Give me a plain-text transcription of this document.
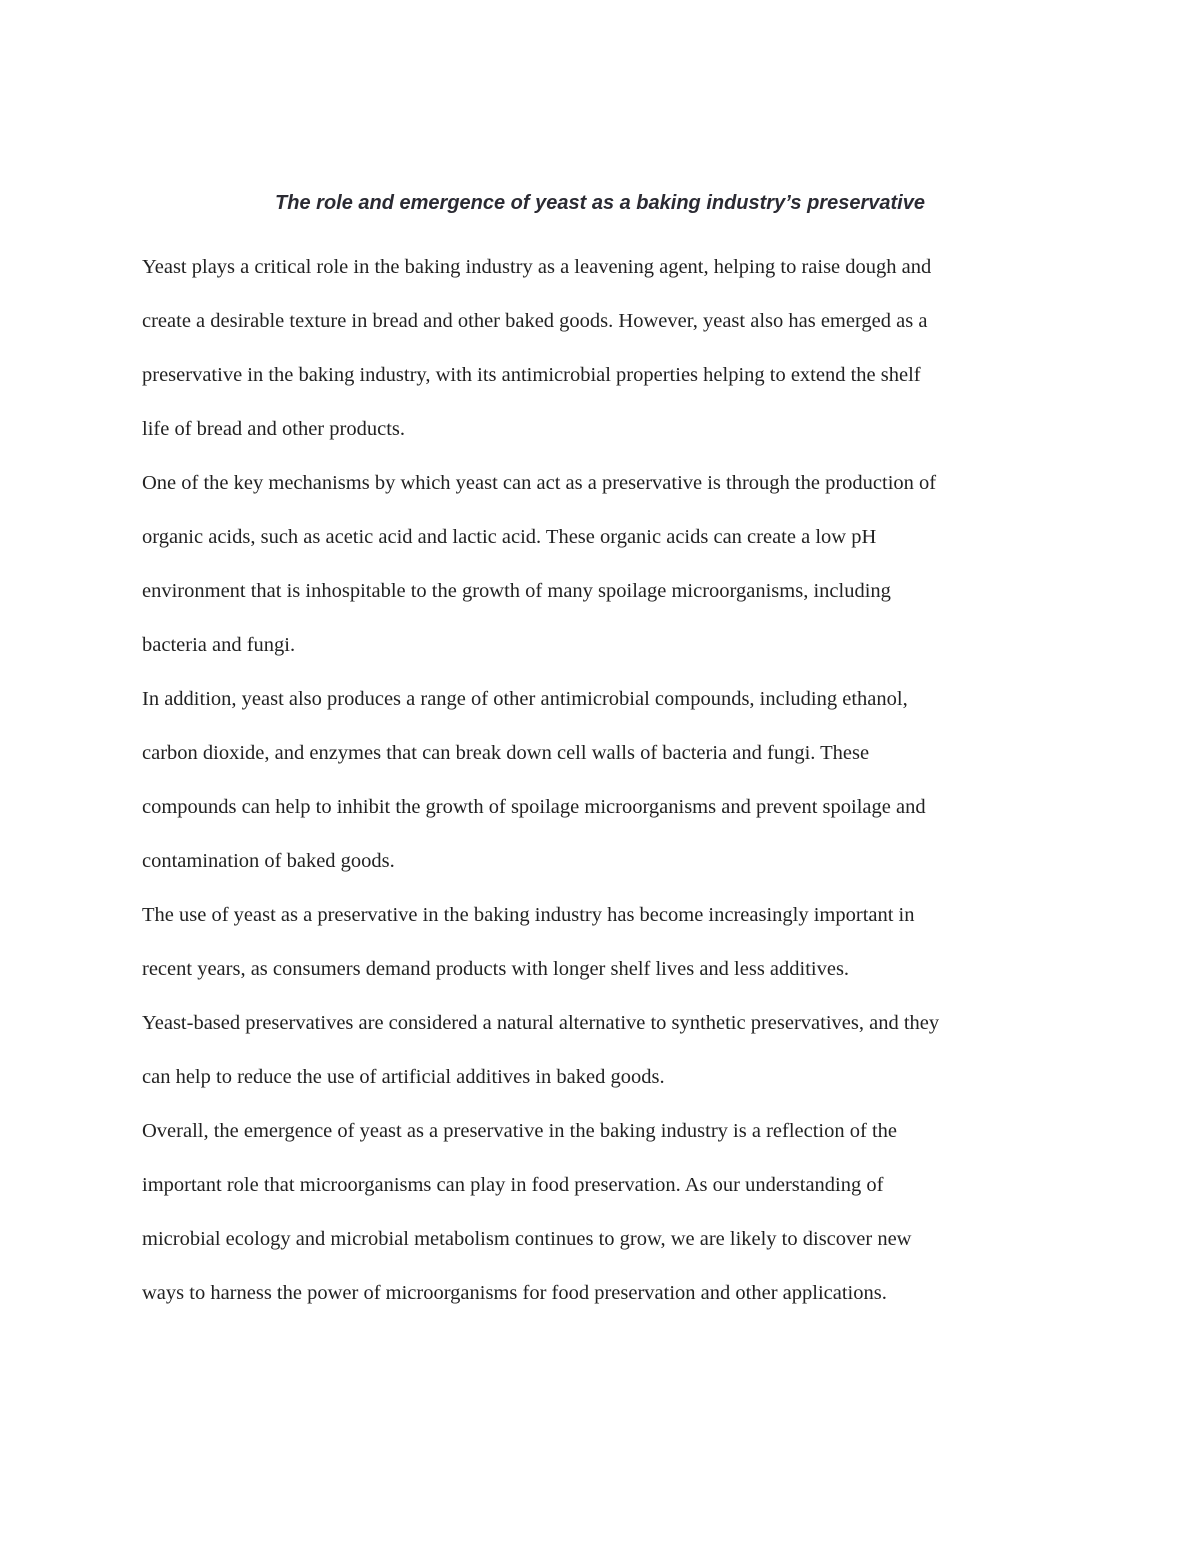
The role and emergence of yeast as a baking industry’s preservative
Yeast plays a critical role in the baking industry as a leavening agent, helping to raise dough and
create a desirable texture in bread and other baked goods. However, yeast also has emerged as a
preservative in the baking industry, with its antimicrobial properties helping to extend the shelf
life of bread and other products.
One of the key mechanisms by which yeast can act as a preservative is through the production of
organic acids, such as acetic acid and lactic acid. These organic acids can create a low pH
environment that is inhospitable to the growth of many spoilage microorganisms, including
bacteria and fungi.
In addition, yeast also produces a range of other antimicrobial compounds, including ethanol,
carbon dioxide, and enzymes that can break down cell walls of bacteria and fungi. These
compounds can help to inhibit the growth of spoilage microorganisms and prevent spoilage and
contamination of baked goods.
The use of yeast as a preservative in the baking industry has become increasingly important in
recent years, as consumers demand products with longer shelf lives and less additives.
Yeast-based preservatives are considered a natural alternative to synthetic preservatives, and they
can help to reduce the use of artificial additives in baked goods.
Overall, the emergence of yeast as a preservative in the baking industry is a reflection of the
important role that microorganisms can play in food preservation. As our understanding of
microbial ecology and microbial metabolism continues to grow, we are likely to discover new
ways to harness the power of microorganisms for food preservation and other applications.
